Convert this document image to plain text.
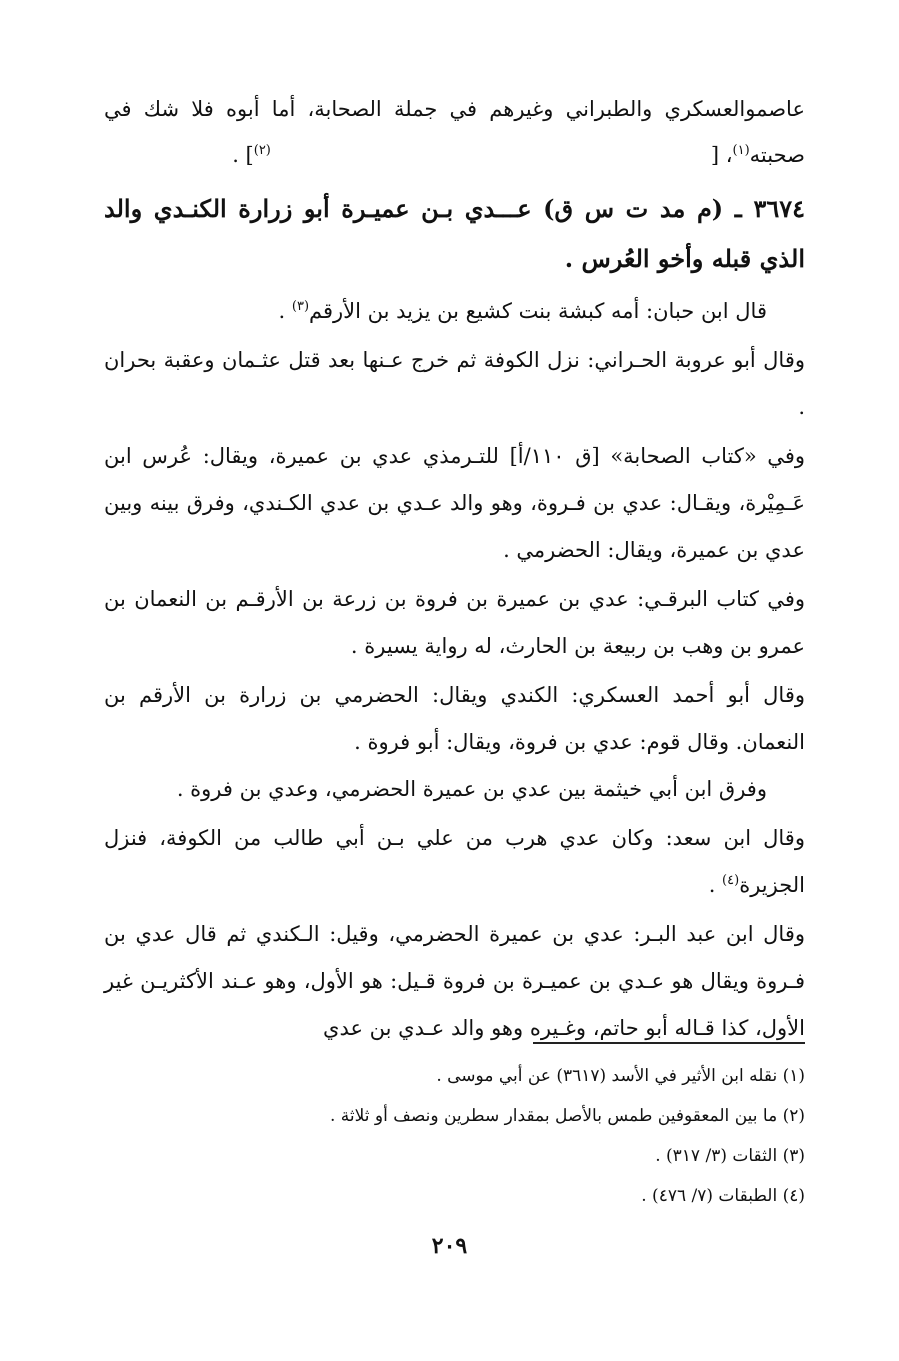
عاصموالعسكري والطبراني وغيرهم في جملة الصحابة، أما أبوه فلا شك في صحبته$^{(١)}$، [$^{(٢)}$] .

٣٦٧٤ ـ (م مد ت س ق) عـــدي بـن عميـرة أبو زرارة الكنـدي والد الذي قبله وأخو العُرس .

قال ابن حبان: أمه كبشة بنت كشيع بن يزيد بن الأرقم$^{(٣)}$ .

وقال أبو عروبة الحـراني: نزل الكوفة ثم خرج عـنها بعد قتل عثـمان وعقبة بحران .

وفي «كتاب الصحابة» [ق ١١٠/أ] للتـرمذي عدي بن عميرة، ويقال: عُرس ابن عَـمِيْرة، ويقـال: عدي بن فـروة، وهو والد عـدي بن عدي الكـندي، وفرق بينه وبين عدي بن عميرة، ويقال: الحضرمي .

وفي كتاب البرقـي: عدي بن عميرة بن فروة بن زرعة بن الأرقـم بن النعمان بن عمرو بن وهب بن ربيعة بن الحارث، له رواية يسيرة .

وقال أبو أحمد العسكري: الكندي ويقال: الحضرمي بن زرارة بن الأرقم بن النعمان. وقال قوم: عدي بن فروة، ويقال: أبو فروة .

وفرق ابن أبي خيثمة بين عدي بن عميرة الحضرمي، وعدي بن فروة .

وقال ابن سعد: وكان عدي هرب من علي بـن أبي طالب من الكوفة، فنزل الجزيرة$^{(٤)}$ .

وقال ابن عبد البـر: عدي بن عميرة الحضرمي، وقيل: الـكندي ثم قال عدي بن فـروة ويقال هو عـدي بن عميـرة بن فروة قـيل: هو الأول، وهو عـند الأكثريـن غير الأول، كذا قـاله أبو حاتم، وغـيره وهو والد عـدي بن عدي

(١) نقله ابن الأثير في الأسد (٣٦١٧) عن أبي موسى .

(٢) ما بين المعقوفين طمس بالأصل بمقدار سطرين ونصف أو ثلاثة .

(٣) الثقات (٣/ ٣١٧) .

(٤) الطبقات (٧/ ٤٧٦) .

٢٠٩
